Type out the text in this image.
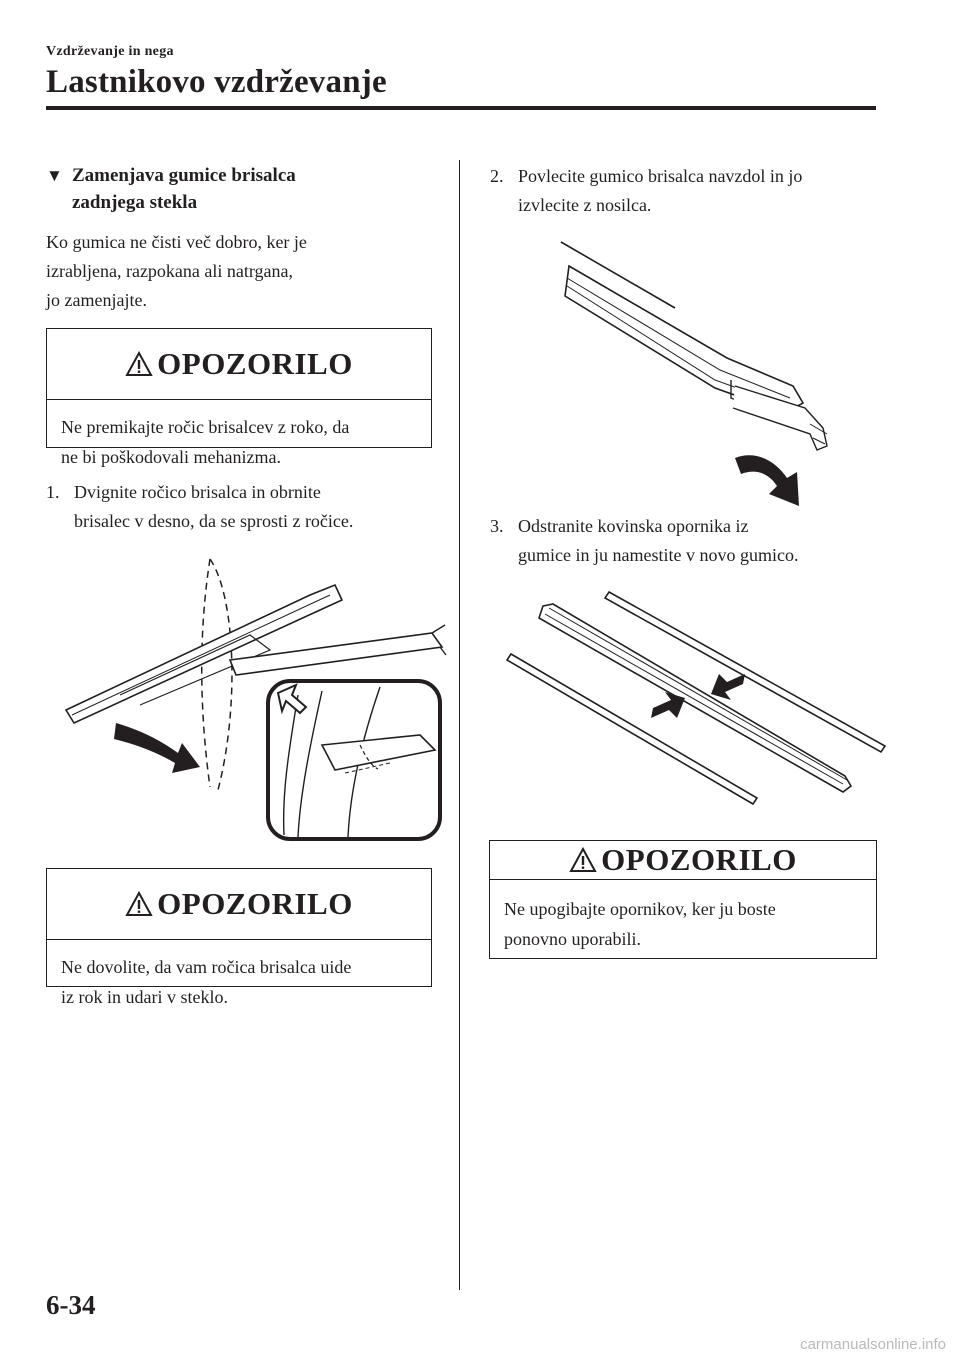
Vzdrževanje in nega
Lastnikovo vzdrževanje
▼ Zamenjava gumice brisalca
zadnjega stekla
Ko gumica ne čisti več dobro, ker je
izrabljena, razpokana ali natrgana,
jo zamenjajte.
OPOZORILO
Ne premikajte ročic brisalcev z roko, da
ne bi poškodovali mehanizma.
1. Dvignite ročico brisalca in obrnite
brisalec v desno, da se sprosti z ročice.
OPOZORILO
Ne dovolite, da vam ročica brisalca uide
iz rok in udari v steklo.
2. Povlecite gumico brisalca navzdol in jo
izvlecite z nosilca.
3. Odstranite kovinska opornika iz
gumice in ju namestite v novo gumico.
OPOZORILO
Ne upogibajte opornikov, ker ju boste
ponovno uporabili.
6-34
carmanualsonline.info
